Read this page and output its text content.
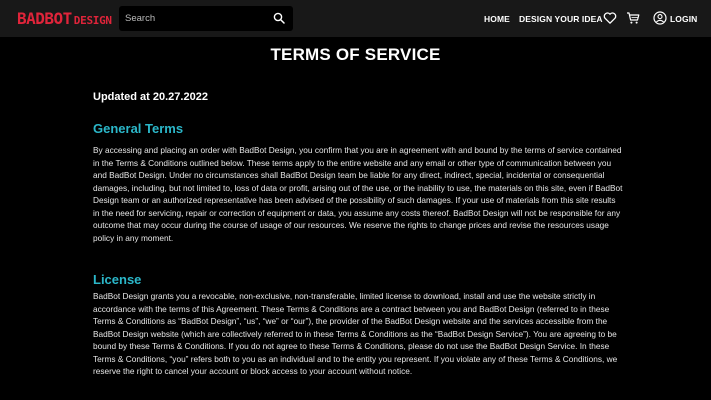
BADBOT DESIGN
Search	HOME DESIGN YOUR IDEA	LOGIN
TERMS OF SERVICE
Updated at 20.27.2022
General Terms

By accessing and placing an order with BadBot Design, you confirm that you are in agreement with and bound by the terms of service contained in the Terms & Conditions outlined below. These terms apply to the entire website and any email or other type of communication between you and BadBot Design. Under no circumstances shall BadBot Design team be liable for any direct, indirect, special, incidental or consequential damages, including, but not limited to, loss of data or profit, arising out of the use, or the inability to use, the materials on this site, even if BadBot Design team or an authorized representative has been advised of the possibility of such damages. If your use of materials from this site results in the need for servicing, repair or correction of equipment or data, you assume any costs thereof. BadBot Design will not be responsible for any outcome that may occur during the course of usage of our resources. We reserve the rights to change prices and revise the resources usage policy in any moment.

License

BadBot Design grants you a revocable, non-exclusive, non-transferable, limited license to download, install and use the website strictly in accordance with the terms of this Agreement. These Terms & Conditions are a contract between you and BadBot Design (referred to in these Terms & Conditions as “BadBot Design”, “us”, “we” or “our”), the provider of the BadBot Design website and the services accessible from the BadBot Design website (which are collectively referred to in these Terms & Conditions as the “BadBot Design Service”). You are agreeing to be bound by these Terms & Conditions. If you do not agree to these Terms & Conditions, please do not use the BadBot Design Service. In these Terms & Conditions, “you” refers both to you as an individual and to the entity you represent. If you violate any of these Terms & Conditions, we reserve the right to cancel your account or block access to your account without notice.
